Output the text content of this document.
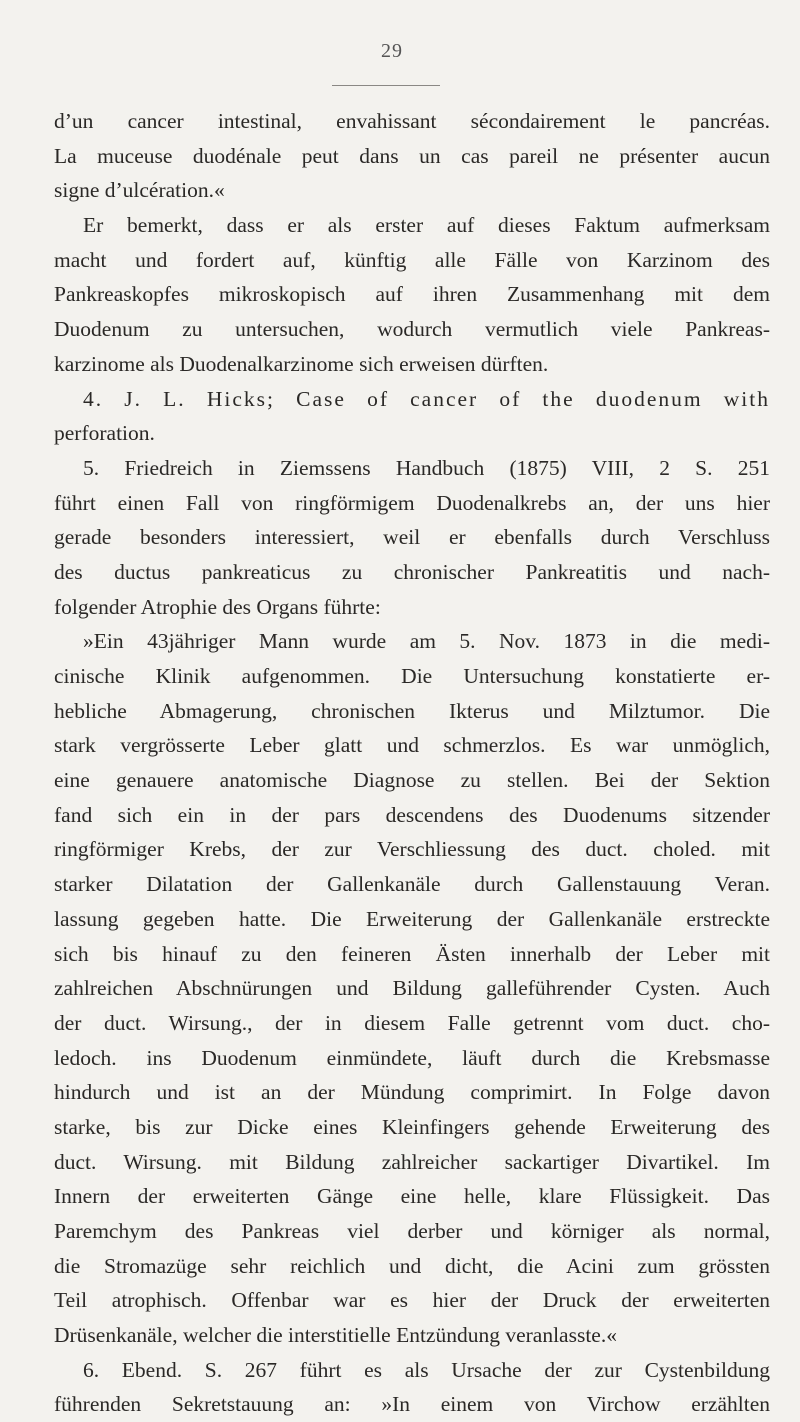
29
d’un cancer intestinal, envahissant sécondairement le pancréas.
La muceuse duodénale peut dans un cas pareil ne présenter aucun
signe d’ulcération.«
Er bemerkt, dass er als erster auf dieses Faktum aufmerksam
macht und fordert auf, künftig alle Fälle von Karzinom des
Pankreaskopfes mikroskopisch auf ihren Zusammenhang mit dem
Duodenum zu untersuchen, wodurch vermutlich viele Pankreas-
karzinome als Duodenalkarzinome sich erweisen dürften.
4. J. L. Hicks; Case of cancer of the duodenum with
perforation.
5. Friedreich in Ziemssens Handbuch (1875) VIII, 2 S. 251
führt einen Fall von ringförmigem Duodenalkrebs an, der uns hier
gerade besonders interessiert, weil er ebenfalls durch Verschluss
des ductus pankreaticus zu chronischer Pankreatitis und nach-
folgender Atrophie des Organs führte:
»Ein 43jähriger Mann wurde am 5. Nov. 1873 in die medi-
cinische Klinik aufgenommen. Die Untersuchung konstatierte er-
hebliche Abmagerung, chronischen Ikterus und Milztumor. Die
stark vergrösserte Leber glatt und schmerzlos. Es war unmöglich,
eine genauere anatomische Diagnose zu stellen. Bei der Sektion
fand sich ein in der pars descendens des Duodenums sitzender
ringförmiger Krebs, der zur Verschliessung des duct. choled. mit
starker Dilatation der Gallenkanäle durch Gallenstauung Veran.
lassung gegeben hatte. Die Erweiterung der Gallenkanäle erstreckte
sich bis hinauf zu den feineren Ästen innerhalb der Leber mit
zahlreichen Abschnürungen und Bildung galleführender Cysten. Auch
der duct. Wirsung., der in diesem Falle getrennt vom duct. cho-
ledoch. ins Duodenum einmündete, läuft durch die Krebsmasse
hindurch und ist an der Mündung comprimirt. In Folge davon
starke, bis zur Dicke eines Kleinfingers gehende Erweiterung des
duct. Wirsung. mit Bildung zahlreicher sackartiger Divartikel. Im
Innern der erweiterten Gänge eine helle, klare Flüssigkeit. Das
Paremchym des Pankreas viel derber und körniger als normal,
die Stromazüge sehr reichlich und dicht, die Acini zum grössten
Teil atrophisch. Offenbar war es hier der Druck der erweiterten
Drüsenkanäle, welcher die interstitielle Entzündung veranlasste.«
6. Ebend. S. 267 führt es als Ursache der zur Cystenbildung
führenden Sekretstauung an: »In einem von Virchow erzählten
